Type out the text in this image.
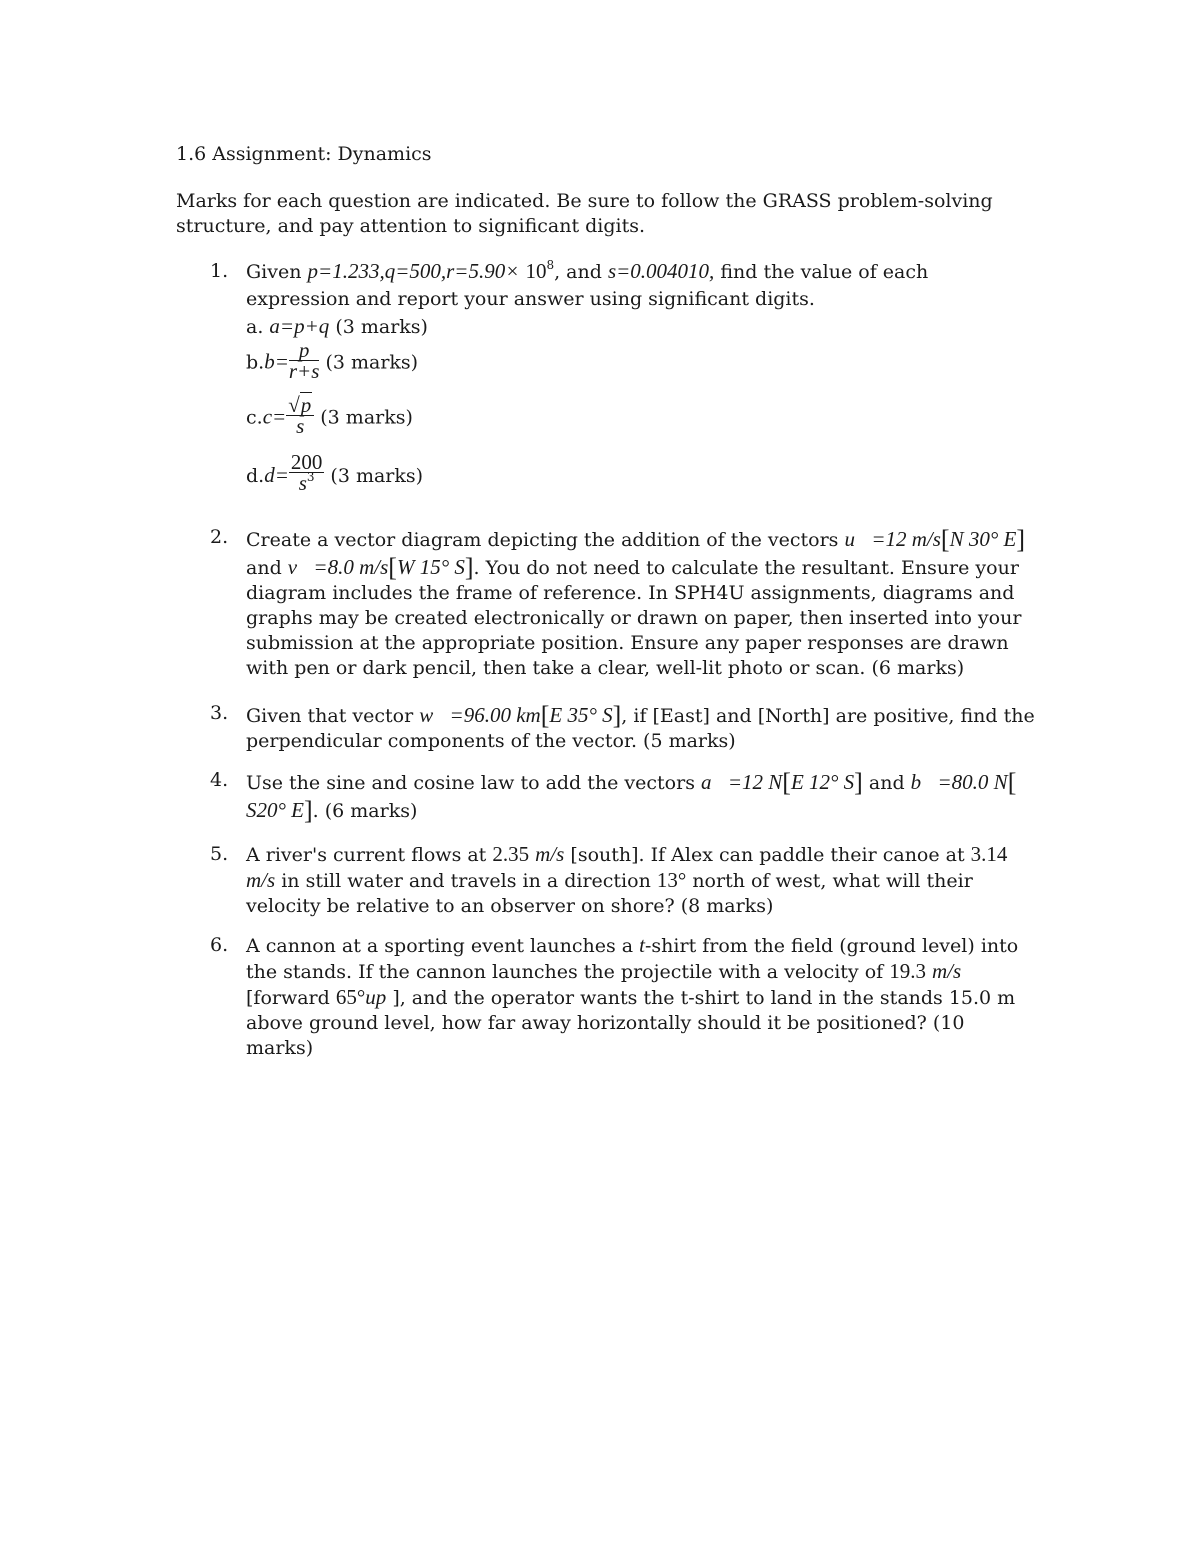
1.6 Assignment: Dynamics
Marks for each question are indicated. Be sure to follow the GRASS problem-solving structure, and pay attention to significant digits.
1. Given $p=1.233,q=500,r=5.90\times 10^8$, and s=0.004010, find the value of each expression and report your answer using significant digits.
a. a=p+q (3 marks)
$b.b= \frac{p}{r+s} (3$ marks)
$c.c= \frac{√p}{s} (3$ marks)
$d.d= \frac{200}{s^3} (3$ marks)
2. Create a vector diagram depicting the addition of the vectors u⃗=12 m/s[N 30° E] and v⃗=8.0 m/s[W 15° S]. You do not need to calculate the resultant. Ensure your diagram includes the frame of reference. In SPH4U assignments, diagrams and graphs may be created electronically or drawn on paper, then inserted into your submission at the appropriate position. Ensure any paper responses are drawn with pen or dark pencil, then take a clear, well-lit photo or scan. (6 marks)
3. Given that vector w⃗=96.00 km[E 35° S], if [East] and [North] are positive, find the perpendicular components of the vector. (5 marks)
4. Use the sine and cosine law to add the vectors a⃗=12 N[E 12° S] and b⃗=80.0 N[ S20° E]. (6 marks)
5. A river's current flows at 2.35 m/s [south]. If Alex can paddle their canoe at 3.14 m/s in still water and travels in a direction 13° north of west, what will their velocity be relative to an observer on shore? (8 marks)
6. A cannon at a sporting event launches a t-shirt from the field (ground level) into the stands. If the cannon launches the projectile with a velocity of 19.3 m/s [forward 65°up ], and the operator wants the t-shirt to land in the stands 15.0 m above ground level, how far away horizontally should it be positioned? (10 marks)
